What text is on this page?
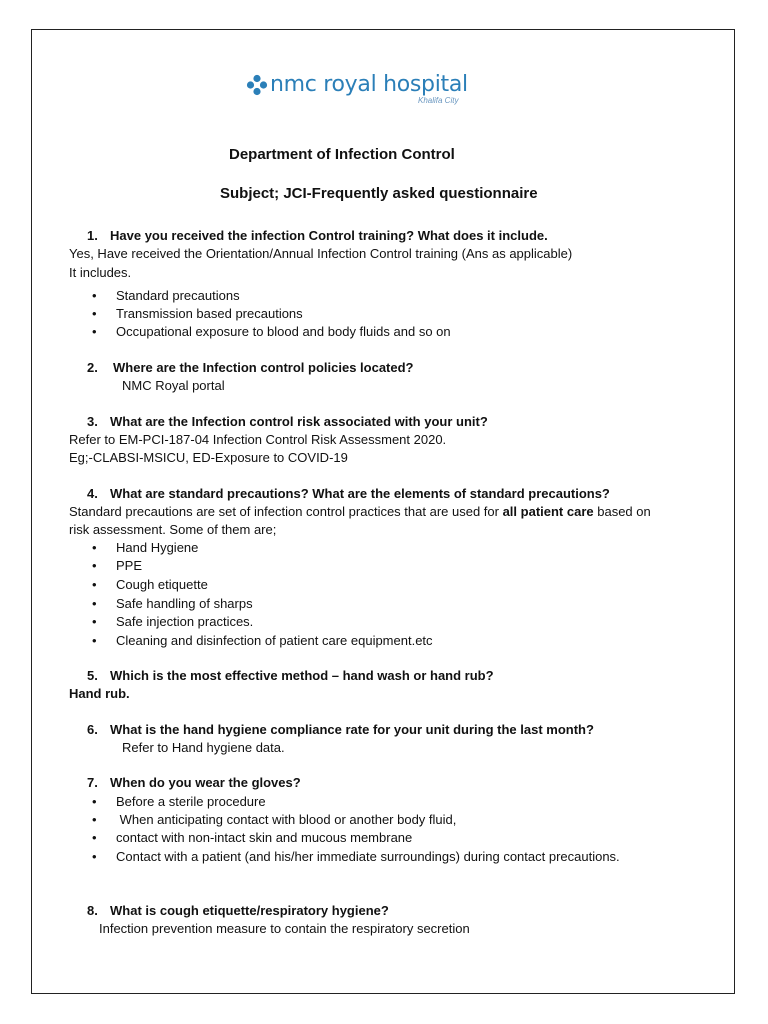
nmc royal hospital
Khalifa City
Department of Infection Control
Subject; JCI-Frequently asked questionnaire
1. Have you received the infection Control training? What does it include.
Yes, Have received the Orientation/Annual Infection Control training (Ans as applicable)
It includes.
• Standard precautions
• Transmission based precautions
• Occupational exposure to blood and body fluids and so on
2. Where are the Infection control policies located?
NMC Royal portal
3. What are the Infection control risk associated with your unit?
Refer to EM-PCI-187-04 Infection Control Risk Assessment 2020.
Eg;-CLABSI-MSICU, ED-Exposure to COVID-19
4. What are standard precautions? What are the elements of standard precautions?
Standard precautions are set of infection control practices that are used for all patient care based on
risk assessment. Some of them are;
• Hand Hygiene
• PPE
• Cough etiquette
• Safe handling of sharps
• Safe injection practices.
• Cleaning and disinfection of patient care equipment.etc
5. Which is the most effective method – hand wash or hand rub?
Hand rub.
6. What is the hand hygiene compliance rate for your unit during the last month?
Refer to Hand hygiene data.
7. When do you wear the gloves?
• Before a sterile procedure
• When anticipating contact with blood or another body fluid,
• contact with non-intact skin and mucous membrane
• Contact with a patient (and his/her immediate surroundings) during contact precautions.
8. What is cough etiquette/respiratory hygiene?
Infection prevention measure to contain the respiratory secretion
